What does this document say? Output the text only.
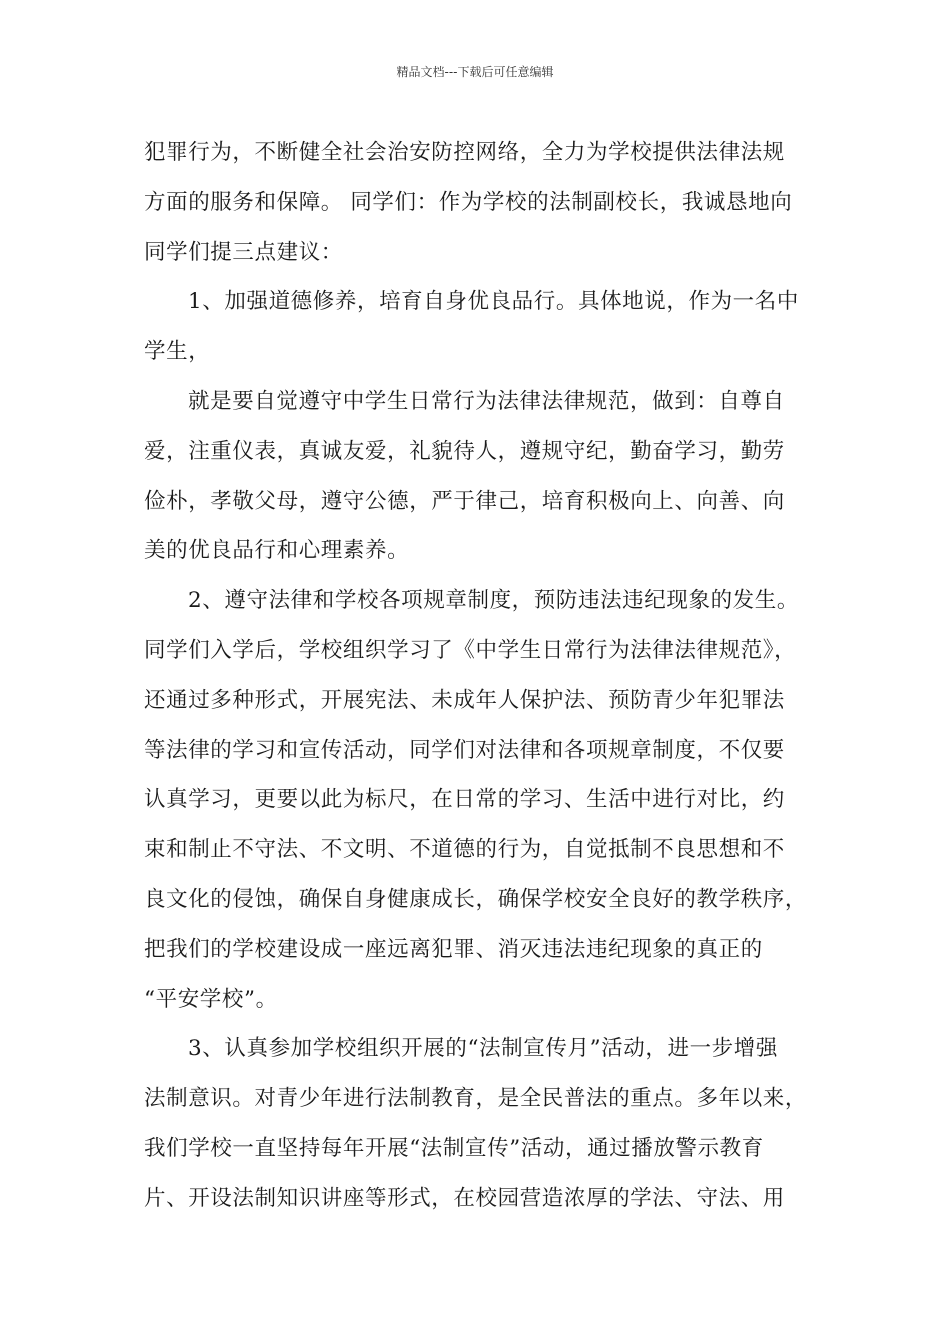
精品文档---下载后可任意编辑
犯罪行为，不断健全社会治安防控网络，全力为学校提供法律法规
方面的服务和保障。 同学们：作为学校的法制副校长，我诚恳地向
同学们提三点建议：
1、加强道德修养，培育自身优良品行。具体地说，作为一名中
学生，
就是要自觉遵守中学生日常行为法律法律规范，做到：自尊自
爱，注重仪表，真诚友爱，礼貌待人，遵规守纪，勤奋学习，勤劳
俭朴，孝敬父母，遵守公德，严于律己，培育积极向上、向善、向
美的优良品行和心理素养。
2、遵守法律和学校各项规章制度，预防违法违纪现象的发生。
同学们入学后，学校组织学习了《中学生日常行为法律法律规范》，
还通过多种形式，开展宪法、未成年人保护法、预防青少年犯罪法
等法律的学习和宣传活动，同学们对法律和各项规章制度，不仅要
认真学习，更要以此为标尺，在日常的学习、生活中进行对比，约
束和制止不守法、不文明、不道德的行为，自觉抵制不良思想和不
良文化的侵蚀，确保自身健康成长，确保学校安全良好的教学秩序，
把我们的学校建设成一座远离犯罪、消灭违法违纪现象的真正的
“平安学校”。
3、认真参加学校组织开展的“法制宣传月”活动，进一步增强
法制意识。对青少年进行法制教育，是全民普法的重点。多年以来，
我们学校一直坚持每年开展“法制宣传”活动，通过播放警示教育
片、开设法制知识讲座等形式，在校园营造浓厚的学法、守法、用
